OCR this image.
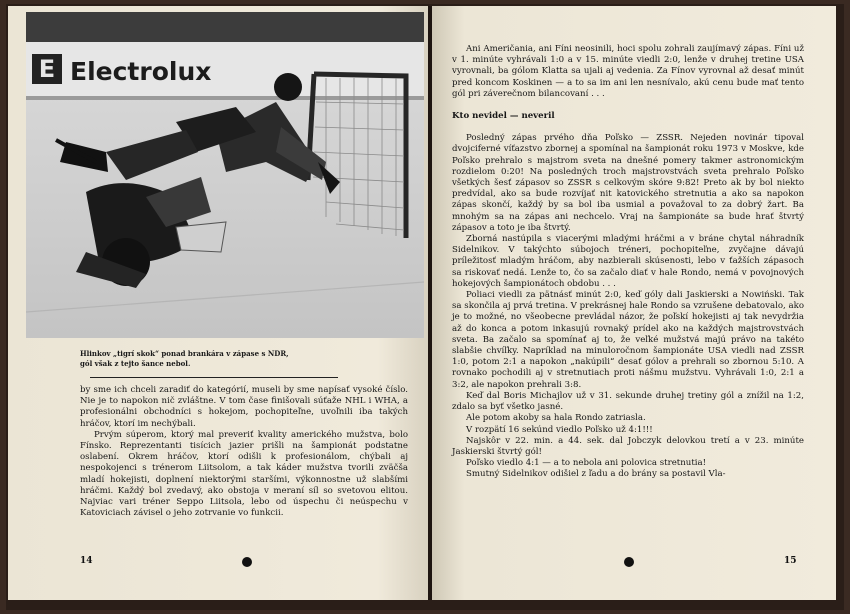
E Electrolux
Hlinkov „tigrí skok“ ponad brankára v zápase s NDR,
gól však z tejto šance nebol.

by sme ich chceli zaradiť do kategórií, museli by sme napísať vysoké číslo. Nie je to napokon nič zvláštne. V tom čase finišovali súťaže NHL i WHA, a profesionálni obchodníci s hokejom, pochopiteľne, uvoľnili iba takých hráčov, ktorí im nechýbali.

Prvým súperom, ktorý mal preveriť kvality amerického mužstva, bolo Fínsko. Reprezentanti tisícich jazier prišli na šampionát podstatne oslabení. Okrem hráčov, ktorí odišli k profesionálom, chýbali aj nespokojenci s trénerom Liitsolom, a tak káder mužstva tvorili zväčša mladí hokejisti, doplnení niektorými staršími, výkonnostne už slabšími hráčmi. Každý bol zvedavý, ako obstoja v meraní síl so svetovou elitou. Najviac vari tréner Seppo Liitsola, lebo od úspechu či neúspechu v Katoviciach závisel o jeho zotrvanie vo funkcii.

14

Ani Američania, ani Fíni neosinili, hoci spolu zohrali zaujímavý zápas. Fíni už v 1. minúte vyhrávali 1:0 a v 15. minúte viedli 2:0, lenže v druhej tretine USA vyrovnali, ba gólom Klatta sa ujali aj vedenia. Za Fínov vyrovnal až desať minút pred koncom Koskinen — a to sa im ani len nesnívalo, akú cenu bude mať tento gól pri záverečnom bilancovaní . . .

Kto nevidel — neveril

Posledný zápas prvého dňa Poľsko — ZSSR. Nejeden novinár tipoval dvojciferné víťazstvo zbornej a spomínal na šampionát roku 1973 v Moskve, kde Poľsko prehralo s majstrom sveta na dnešné pomery takmer astronomickým rozdielom 0:20! Na posledných troch majstrovstvách sveta prehralo Poľsko všetkých šesť zápasov so ZSSR s celkovým skóre 9:82! Preto ak by bol niekto predvídal, ako sa bude rozvíjať nit katovického stretnutia a ako sa napokon zápas skončí, každý by sa bol iba usmial a považoval to za dobrý žart. Ba mnohým sa na zápas ani nechcelo. Vraj na šampionáte sa bude hrať štvrtý zápasov a toto je iba štvrtý.

Zborná nastúpila s viacerými mladými hráčmi a v bráne chytal náhradník Sidelnikov. V takýchto súbojoch tréneri, pochopiteľne, zvyčajne dávajú príležitosť mladým hráčom, aby nazbierali skúsenosti, lebo v ťažších zápasoch sa riskovať nedá. Lenže to, čo sa začalo diať v hale Rondo, nemá v povojnových hokejových šampionátoch obdobu . . .

Poliaci viedli za pätnásť minút 2:0, keď góly dali Jaskierski a Nowiński. Tak sa skončila aj prvá tretina. V prekrásnej hale Rondo sa vzrušene debatovalo, ako je to možné, no všeobecne prevládal názor, že poľskí hokejisti aj tak nevydržia až do konca a potom inkasujú rovnaký prídel ako na každých majstrovstvách sveta. Ba začalo sa spomínať aj to, že veľké mužstvá majú právo na takéto slabšie chvíľky. Napríklad na minuloročnom šampionáte USA viedli nad ZSSR 1:0, potom 2:1 a napokon „nakúpili“ desať gólov a prehrali so zbornou 5:10. A rovnako pochodili aj v stretnutiach proti nášmu mužstvu. Vyhrávali 1:0, 2:1 a 3:2, ale napokon prehrali 3:8.

Keď dal Boris Michajlov už v 31. sekunde druhej tretiny gól a znížil na 1:2, zdalo sa byť všetko jasné.

Ale potom akoby sa hala Rondo zatriasla.

V rozpätí 16 sekúnd viedlo Poľsko už 4:1!!!

Najskôr v 22. min. a 44. sek. dal Jobczyk delovkou tretí a v 23. minúte Jaskierski štvrtý gól!

Poľsko viedlo 4:1 — a to nebola ani polovica stretnutia!

Smutný Sidelnikov odišiel z ľadu a do brány sa postavil Vla-

15
